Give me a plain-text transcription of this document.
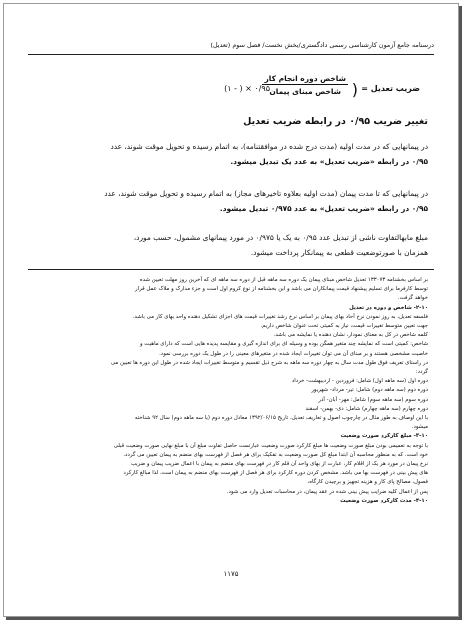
درسنامه جامع آزمون کارشناسی رسمی دادگستری/بخش نخست/ فصل سوم (تعدیل)
ضریب تعدیل =
(
شاخص دوره انجام کار
شاخص مبنای پیمان
(۱ - ) × ۰/۹۵
تغییر ضریب ۰/۹۵ در رابطه ضریب تعدیل
در پیمانهایی که در مدت اولیه (مدت درج شده در موافقتنامه)، به اتمام رسیده و تحویل موقت شوند، عدد
۰/۹۵ در رابطه «ضریب تعدیل» به عدد یک تبدیل میشود.
در پیمانهایی که تا مدت پیمان (مدت اولیه بعلاوه تاخیرهای مجاز) به اتمام رسیده و تحویل موقت شوند، عدد
۰/۹۵ در رابطه «ضریب تعدیل» به عدد ۰/۹۷۵ تبدیل میشود.
مبلغ مابهالتفاوت ناشی از تبدیل عدد ۰/۹۵ به یک یا ۰/۹۷۵ در مورد پیمانهای مشمول، حسب مورد،
همزمان با صورتوضعیت قطعی به پیمانکار پرداخت میشود.
بر اساس بخشنامه ۱۳۳۰۷۳ تعدیل شاخص مبنای پیمان یک دوره سه ماهه قبل از دوره سه ماهه ای که آخرین روز مهلت تعیین شده
توسط کارفرما برای تسلیم پیشنهاد قیمت پیمانکاران می باشد و این بخشنامه از نوع کروم اول است و جزء مدارک و ملاک عمل قرار
خواهد گرفت.
۲-۱۰- شاخص و دوره در تعدیل
فلسفه تعدیل، به روز نمودن نرخ آحاد بهای پیمان بر اساس نرخ رشد تغییرات قیمت های اجزای تشکیل دهنده واحد بهای کار می باشد.
جهت تعیین متوسط تغییرات قیمت، نیاز به کمیتی تحت عنوان شاخص داریم.
کلمه شاخص در کل به معنای نمودار، نشان دهنده یا نمایشه می باشد.
شاخص: کمیتی است که نمایشه چند متغیر همگن بوده و وسیله ای برای اندازه گیری و مقایسه پدیده هایی است که دارای ماهیت و
خاصیت مشخصی هستند و بر مبنای آن می توان تغییرات ایجاد شده در متغیرهای معینی را در طول یک دوره بررسی نمود.
در راستای تعریف فوق طول مدت سال به چهار دوره سه ماهه به شرح ذیل تقسیم و متوسط تغییرات ایجاد شده در طول این دوره ها تعیین می
گردد:
دوره اول (سه ماهه اول) شامل: فروردین - اردیبهشت- خرداد
دوره دوم (سه ماهه دوم) شامل: تیر- مرداد- شهریور
دوره سوم (سه ماهه سوم) شامل: مهر- آبان- آذر
دوره چهارم (سه ماهه چهارم) شامل: دی- بهمن- اسفند
با این اوصاف به طور مثال در چارچوب اصول و تعاریف تعدیل، تاریخ ۱۳۹۲/۰۶/۱۵ معادل دوره دوم (یا سه ماهه دوم) سال ۹۲ شناخته
میشود.
۳-۱۰- مبلغ کارکرد صورت وضعیت
با توجه به تعمیمی بودن مبلغ صورت وضعیت ها مبلغ کارکرد صورت وضعیت عبارتست حاصل تفاوت مبلغ آن با مبلغ نهایی صورت وضعیت قبلی
خود است. که به منظور محاسبه آن ابتدا مبلغ کل صورت وضعیت به تفکیک برای هر فصل از فهرست بهای منضم به پیمان تعیین می گردد.
نرخ پیمان در مورد هر یک از اقلام کار، عبارت از بهای واحد آن قلم کار در فهرست بهای منضم به پیمان با اعمال ضریب پیمان و ضریب
های پیش بینی در فهرست بها می باشد. مشخص کردن دوره کارکرد برای هر فصل از فهرست بهای منضم به پیمان است، لذا مبالغ کارکرد
فصول، مصالح پای کار و هزینه تجهیز و برچیدن کارگاه،
پس از اعمال کلیه ضرایب پیش بینی شده در عقد پیمان، در محاسبات تعدیل وارد می شود.
۴-۱۰- مدت کارکرد صورت وضعیت
۱۱۷۵
